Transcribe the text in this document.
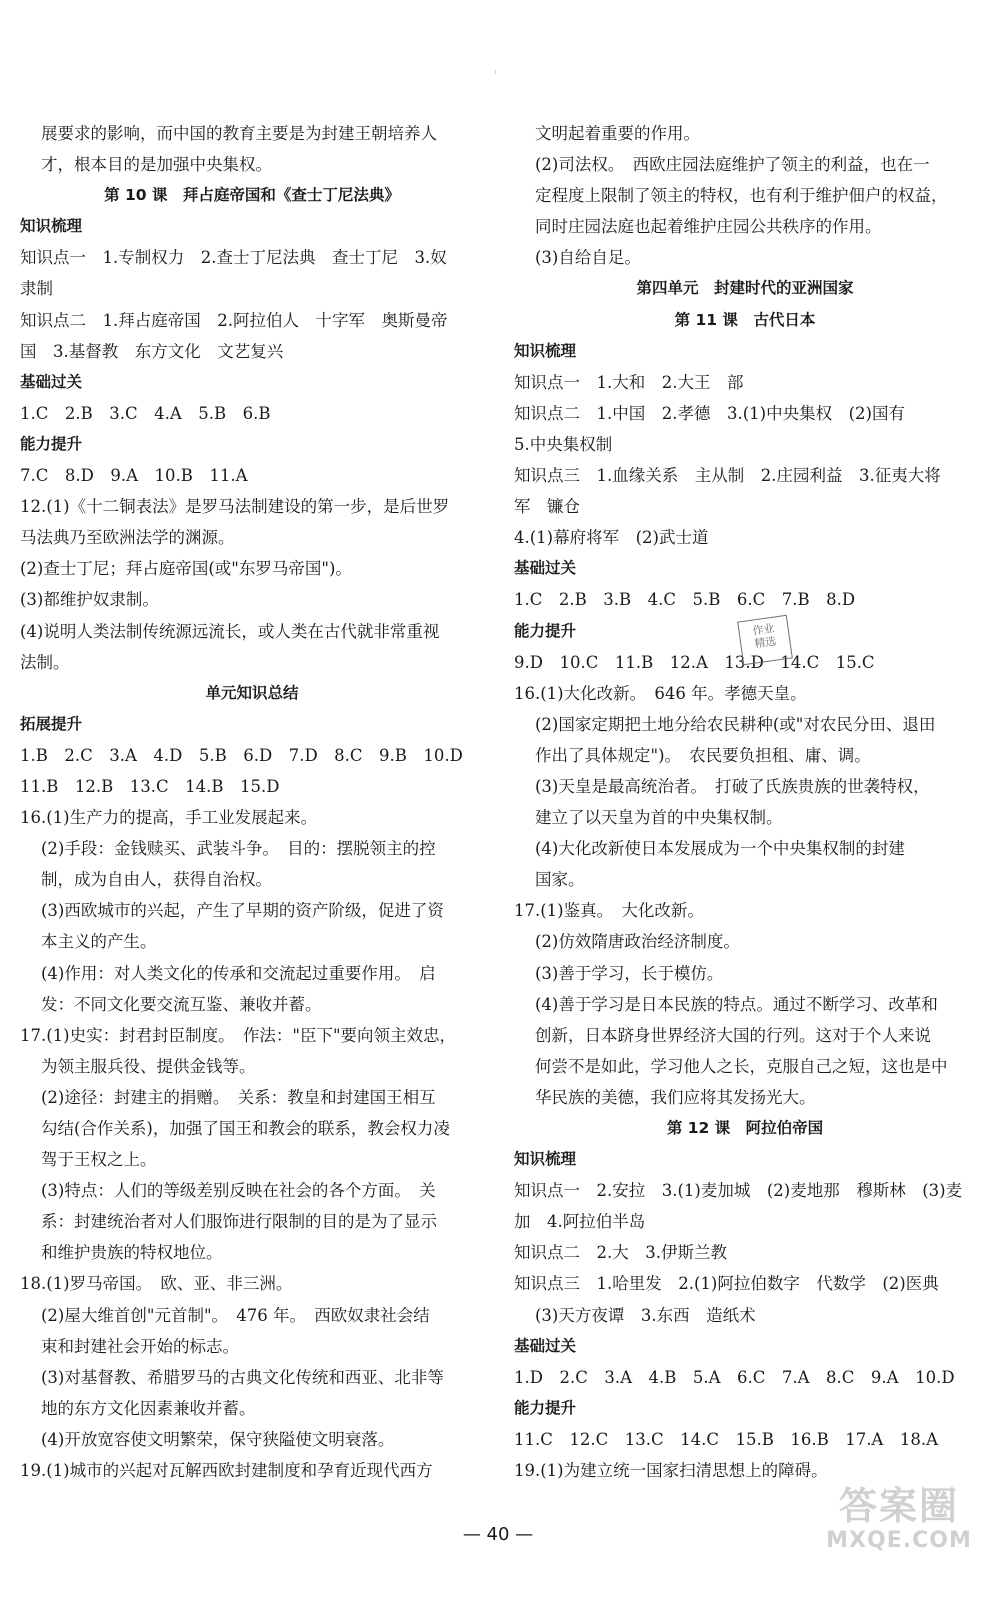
展要求的影响，而中国的教育主要是为封建王朝培养人
才，根本目的是加强中央集权。
第 10 课　拜占庭帝国和《查士丁尼法典》
知识梳理
知识点一　1.专制权力　2.查士丁尼法典　查士丁尼　3.奴
隶制
知识点二　1.拜占庭帝国　2.阿拉伯人　十字军　奥斯曼帝
国　3.基督教　东方文化　文艺复兴
基础过关
1.C　2.B　3.C　4.A　5.B　6.B
能力提升
7.C　8.D　9.A　10.B　11.A
12.(1)《十二铜表法》是罗马法制建设的第一步，是后世罗
马法典乃至欧洲法学的渊源。
(2)查士丁尼；拜占庭帝国(或"东罗马帝国")。
(3)都维护奴隶制。
(4)说明人类法制传统源远流长，或人类在古代就非常重视
法制。
单元知识总结
拓展提升
1.B　2.C　3.A　4.D　5.B　6.D　7.D　8.C　9.B　10.D
11.B　12.B　13.C　14.B　15.D
16.(1)生产力的提高，手工业发展起来。
(2)手段：金钱赎买、武装斗争。　目的：摆脱领主的控
制，成为自由人，获得自治权。
(3)西欧城市的兴起，产生了早期的资产阶级，促进了资
本主义的产生。
(4)作用：对人类文化的传承和交流起过重要作用。　启
发：不同文化要交流互鉴、兼收并蓄。
17.(1)史实：封君封臣制度。　作法："臣下"要向领主效忠，
为领主服兵役、提供金钱等。
(2)途径：封建主的捐赠。　关系：教皇和封建国王相互
勾结(合作关系)，加强了国王和教会的联系，教会权力凌
驾于王权之上。
(3)特点：人们的等级差别反映在社会的各个方面。　关
系：封建统治者对人们服饰进行限制的目的是为了显示
和维护贵族的特权地位。
18.(1)罗马帝国。　欧、亚、非三洲。
(2)屋大维首创"元首制"。　476 年。　西欧奴隶社会结
束和封建社会开始的标志。
(3)对基督教、希腊罗马的古典文化传统和西亚、北非等
地的东方文化因素兼收并蓄。
(4)开放宽容使文明繁荣，保守狭隘使文明衰落。
19.(1)城市的兴起对瓦解西欧封建制度和孕育近现代西方
文明起着重要的作用。
(2)司法权。　西欧庄园法庭维护了领主的利益，也在一
定程度上限制了领主的特权，也有利于维护佃户的权益，
同时庄园法庭也起着维护庄园公共秩序的作用。
(3)自给自足。
第四单元　封建时代的亚洲国家
第 11 课　古代日本
知识梳理
知识点一　1.大和　2.大王　部
知识点二　1.中国　2.孝德　3.(1)中央集权　(2)国有
5.中央集权制
知识点三　1.血缘关系　主从制　2.庄园利益　3.征夷大将
军　镰仓
4.(1)幕府将军　(2)武士道
基础过关
1.C　2.B　3.B　4.C　5.B　6.C　7.B　8.D
能力提升
9.D　10.C　11.B　12.A　13.D　14.C　15.C
16.(1)大化改新。　646 年。孝德天皇。
(2)国家定期把土地分给农民耕种(或"对农民分田、退田
作出了具体规定")。　农民要负担租、庸、调。
(3)天皇是最高统治者。　打破了氏族贵族的世袭特权，
建立了以天皇为首的中央集权制。
(4)大化改新使日本发展成为一个中央集权制的封建
国家。
17.(1)鉴真。　大化改新。
(2)仿效隋唐政治经济制度。
(3)善于学习，长于模仿。
(4)善于学习是日本民族的特点。通过不断学习、改革和
创新，日本跻身世界经济大国的行列。这对于个人来说
何尝不是如此，学习他人之长，克服自己之短，这也是中
华民族的美德，我们应将其发扬光大。
第 12 课　阿拉伯帝国
知识梳理
知识点一　2.安拉　3.(1)麦加城　(2)麦地那　穆斯林　(3)麦
加　4.阿拉伯半岛
知识点二　2.大　3.伊斯兰教
知识点三　1.哈里发　2.(1)阿拉伯数字　代数学　(2)医典
(3)天方夜谭　3.东西　造纸术
基础过关
1.D　2.C　3.A　4.B　5.A　6.C　7.A　8.C　9.A　10.D
能力提升
11.C　12.C　13.C　14.C　15.B　16.B　17.A　18.A
19.(1)为建立统一国家扫清思想上的障碍。
作业
精选
— 40 —
答案圈
MXQE.COM
